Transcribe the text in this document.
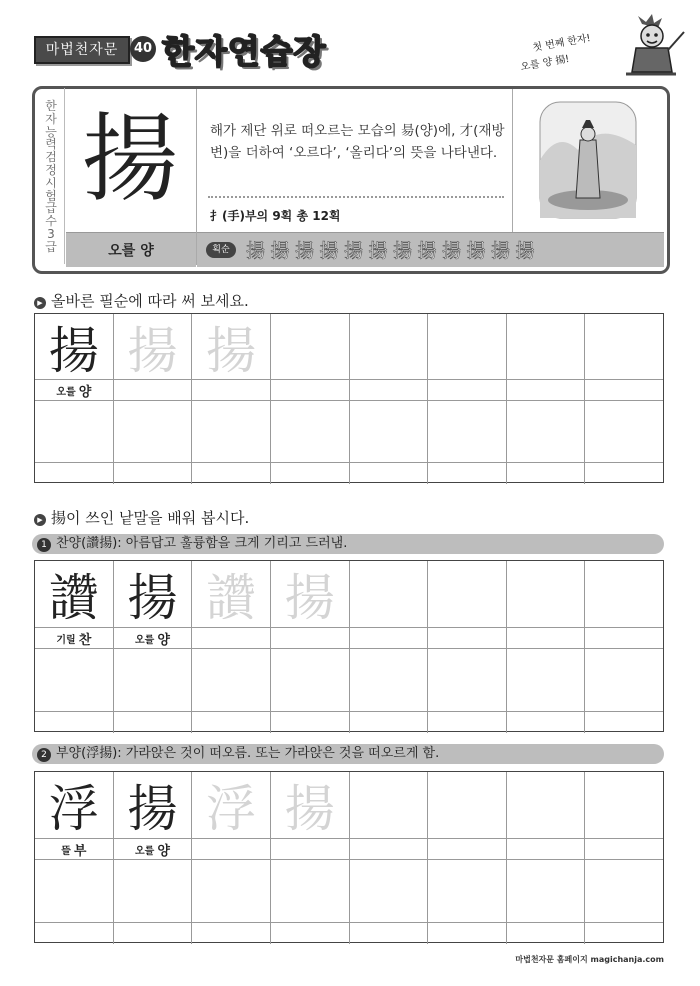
마법천자문	40 한자연습장	첫 번째 한자!
오를 양 揚!
한자능력검정시험급수3급
揚
오를 양
해가 제단 위로 떠오르는 모습의 昜(양)에, 才(재방변)을 더하여 ‘오르다’, ‘올리다’의 뜻을 나타낸다.
扌(手)부의 9획 총 12획
획순 揚揚揚揚揚揚揚揚揚揚揚揚
▶ 올바른 필순에 따라 써 보세요.
揚 揚 揚
오를 양
▶ 揚이 쓰인 낱말을 배워 봅시다.
1 찬양(讚揚): 아름답고 훌륭함을 크게 기리고 드러냄.
讚 揚 讚 揚
기릴 찬	오를 양
2 부양(浮揚): 가라앉은 것이 떠오름. 또는 가라앉은 것을 떠오르게 함.
浮 揚 浮 揚
뜰 부	오를 양
마법천자문 홈페이지 magichanja.com
